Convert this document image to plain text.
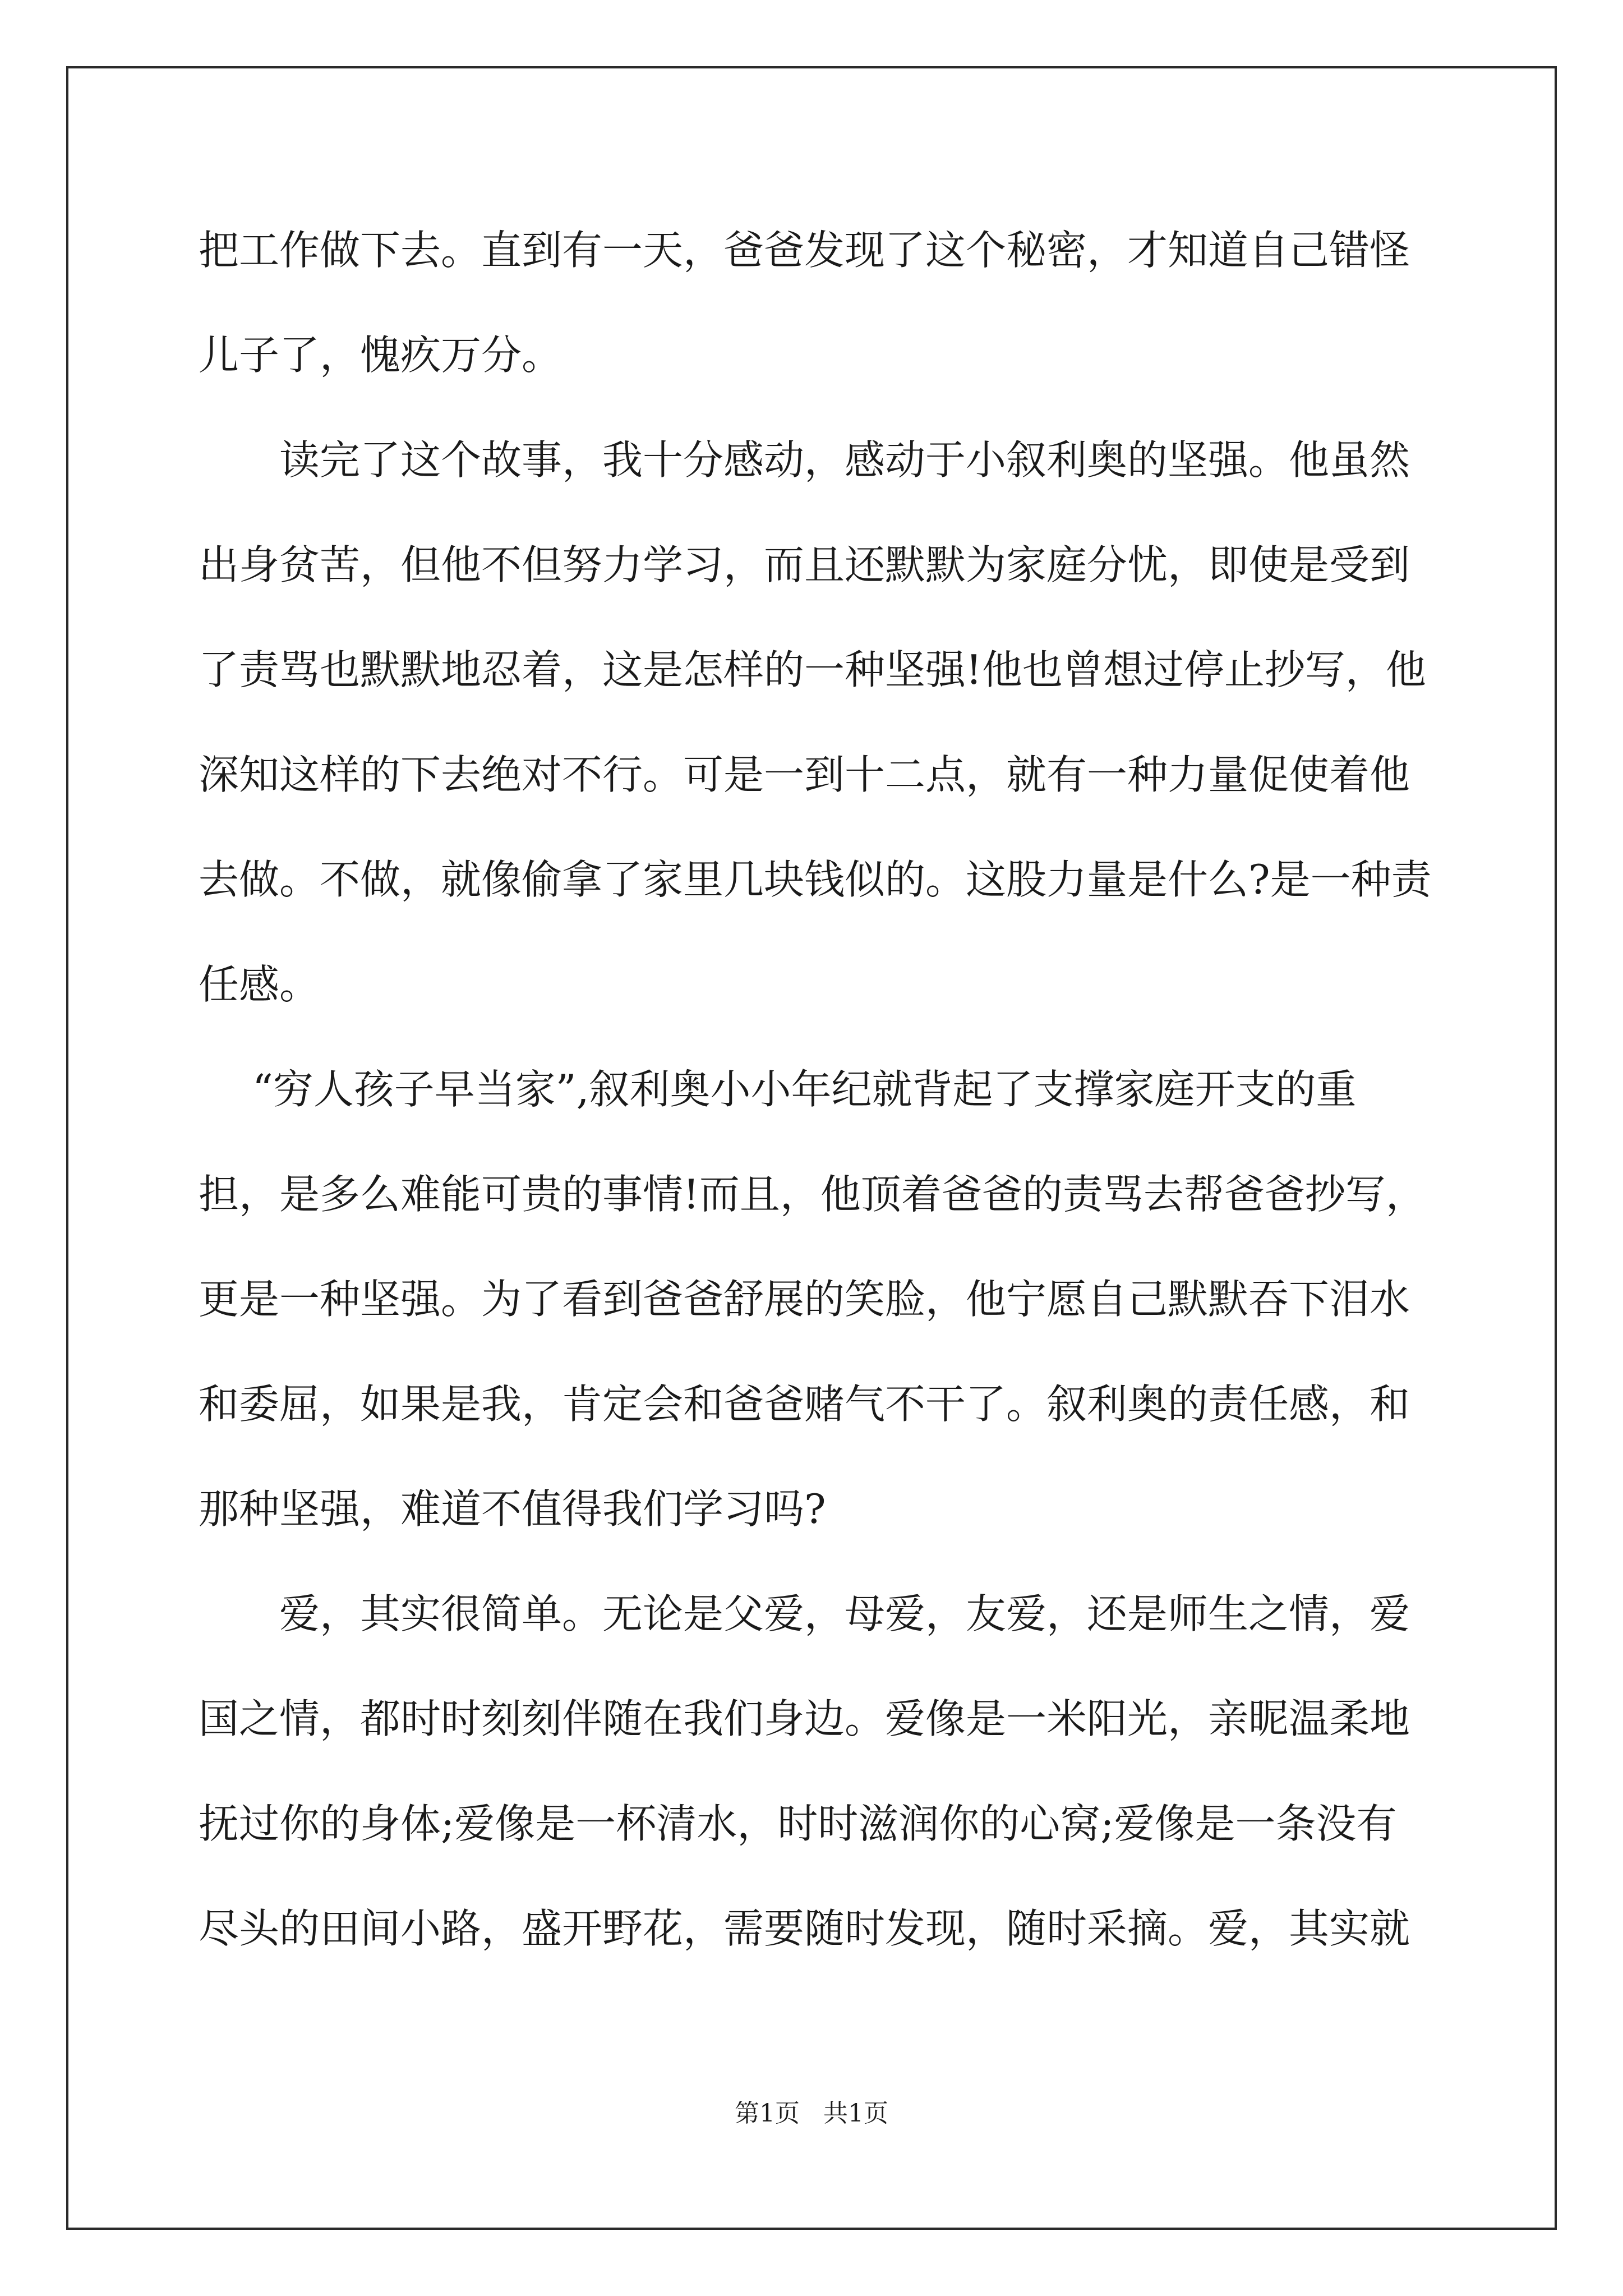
把工作做下去。直到有一天，爸爸发现了这个秘密，才知道自己错怪
儿子了，愧疚万分。
读完了这个故事，我十分感动，感动于小叙利奥的坚强。他虽然
出身贫苦，但他不但努力学习，而且还默默为家庭分忧，即使是受到
了责骂也默默地忍着，这是怎样的一种坚强!他也曾想过停止抄写，他
深知这样的下去绝对不行。可是一到十二点，就有一种力量促使着他
去做。不做，就像偷拿了家里几块钱似的。这股力量是什么?是一种责
任感。
“穷人孩子早当家”,叙利奥小小年纪就背起了支撑家庭开支的重
担，是多么难能可贵的事情!而且，他顶着爸爸的责骂去帮爸爸抄写，
更是一种坚强。为了看到爸爸舒展的笑脸，他宁愿自己默默吞下泪水
和委屈，如果是我，肯定会和爸爸赌气不干了。叙利奥的责任感，和
那种坚强，难道不值得我们学习吗?
爱，其实很简单。无论是父爱，母爱，友爱，还是师生之情，爱
国之情，都时时刻刻伴随在我们身边。爱像是一米阳光，亲昵温柔地
抚过你的身体;爱像是一杯清水，时时滋润你的心窝;爱像是一条没有
尽头的田间小路，盛开野花，需要随时发现，随时采摘。爱，其实就
第1页   共1页
